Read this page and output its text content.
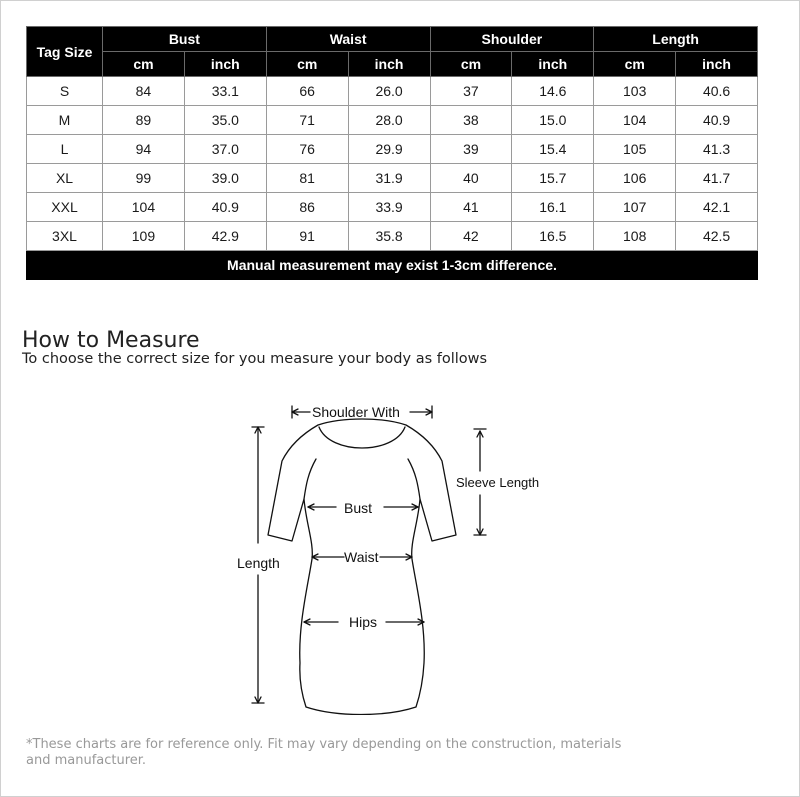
Tag Size	Bust		Waist		Shoulder		Length	
	cm	inch	cm	inch	cm	inch	cm	inch
S	84	33.1	66	26.0	37	14.6	103	40.6
M	89	35.0	71	28.0	38	15.0	104	40.9
L	94	37.0	76	29.9	39	15.4	105	41.3
XL	99	39.0	81	31.9	40	15.7	106	41.7
XXL	104	40.9	86	33.9	41	16.1	107	42.1
3XL	109	42.9	91	35.8	42	16.5	108	42.5
Manual measurement may exist 1-3cm difference.								
How to Measure
To choose the correct size for you measure your body as follows
Shoulder With
Sleeve Length
Bust
Waist
Hips
Length
*These charts are for reference only. Fit may vary depending on the construction, materials and manufacturer.
